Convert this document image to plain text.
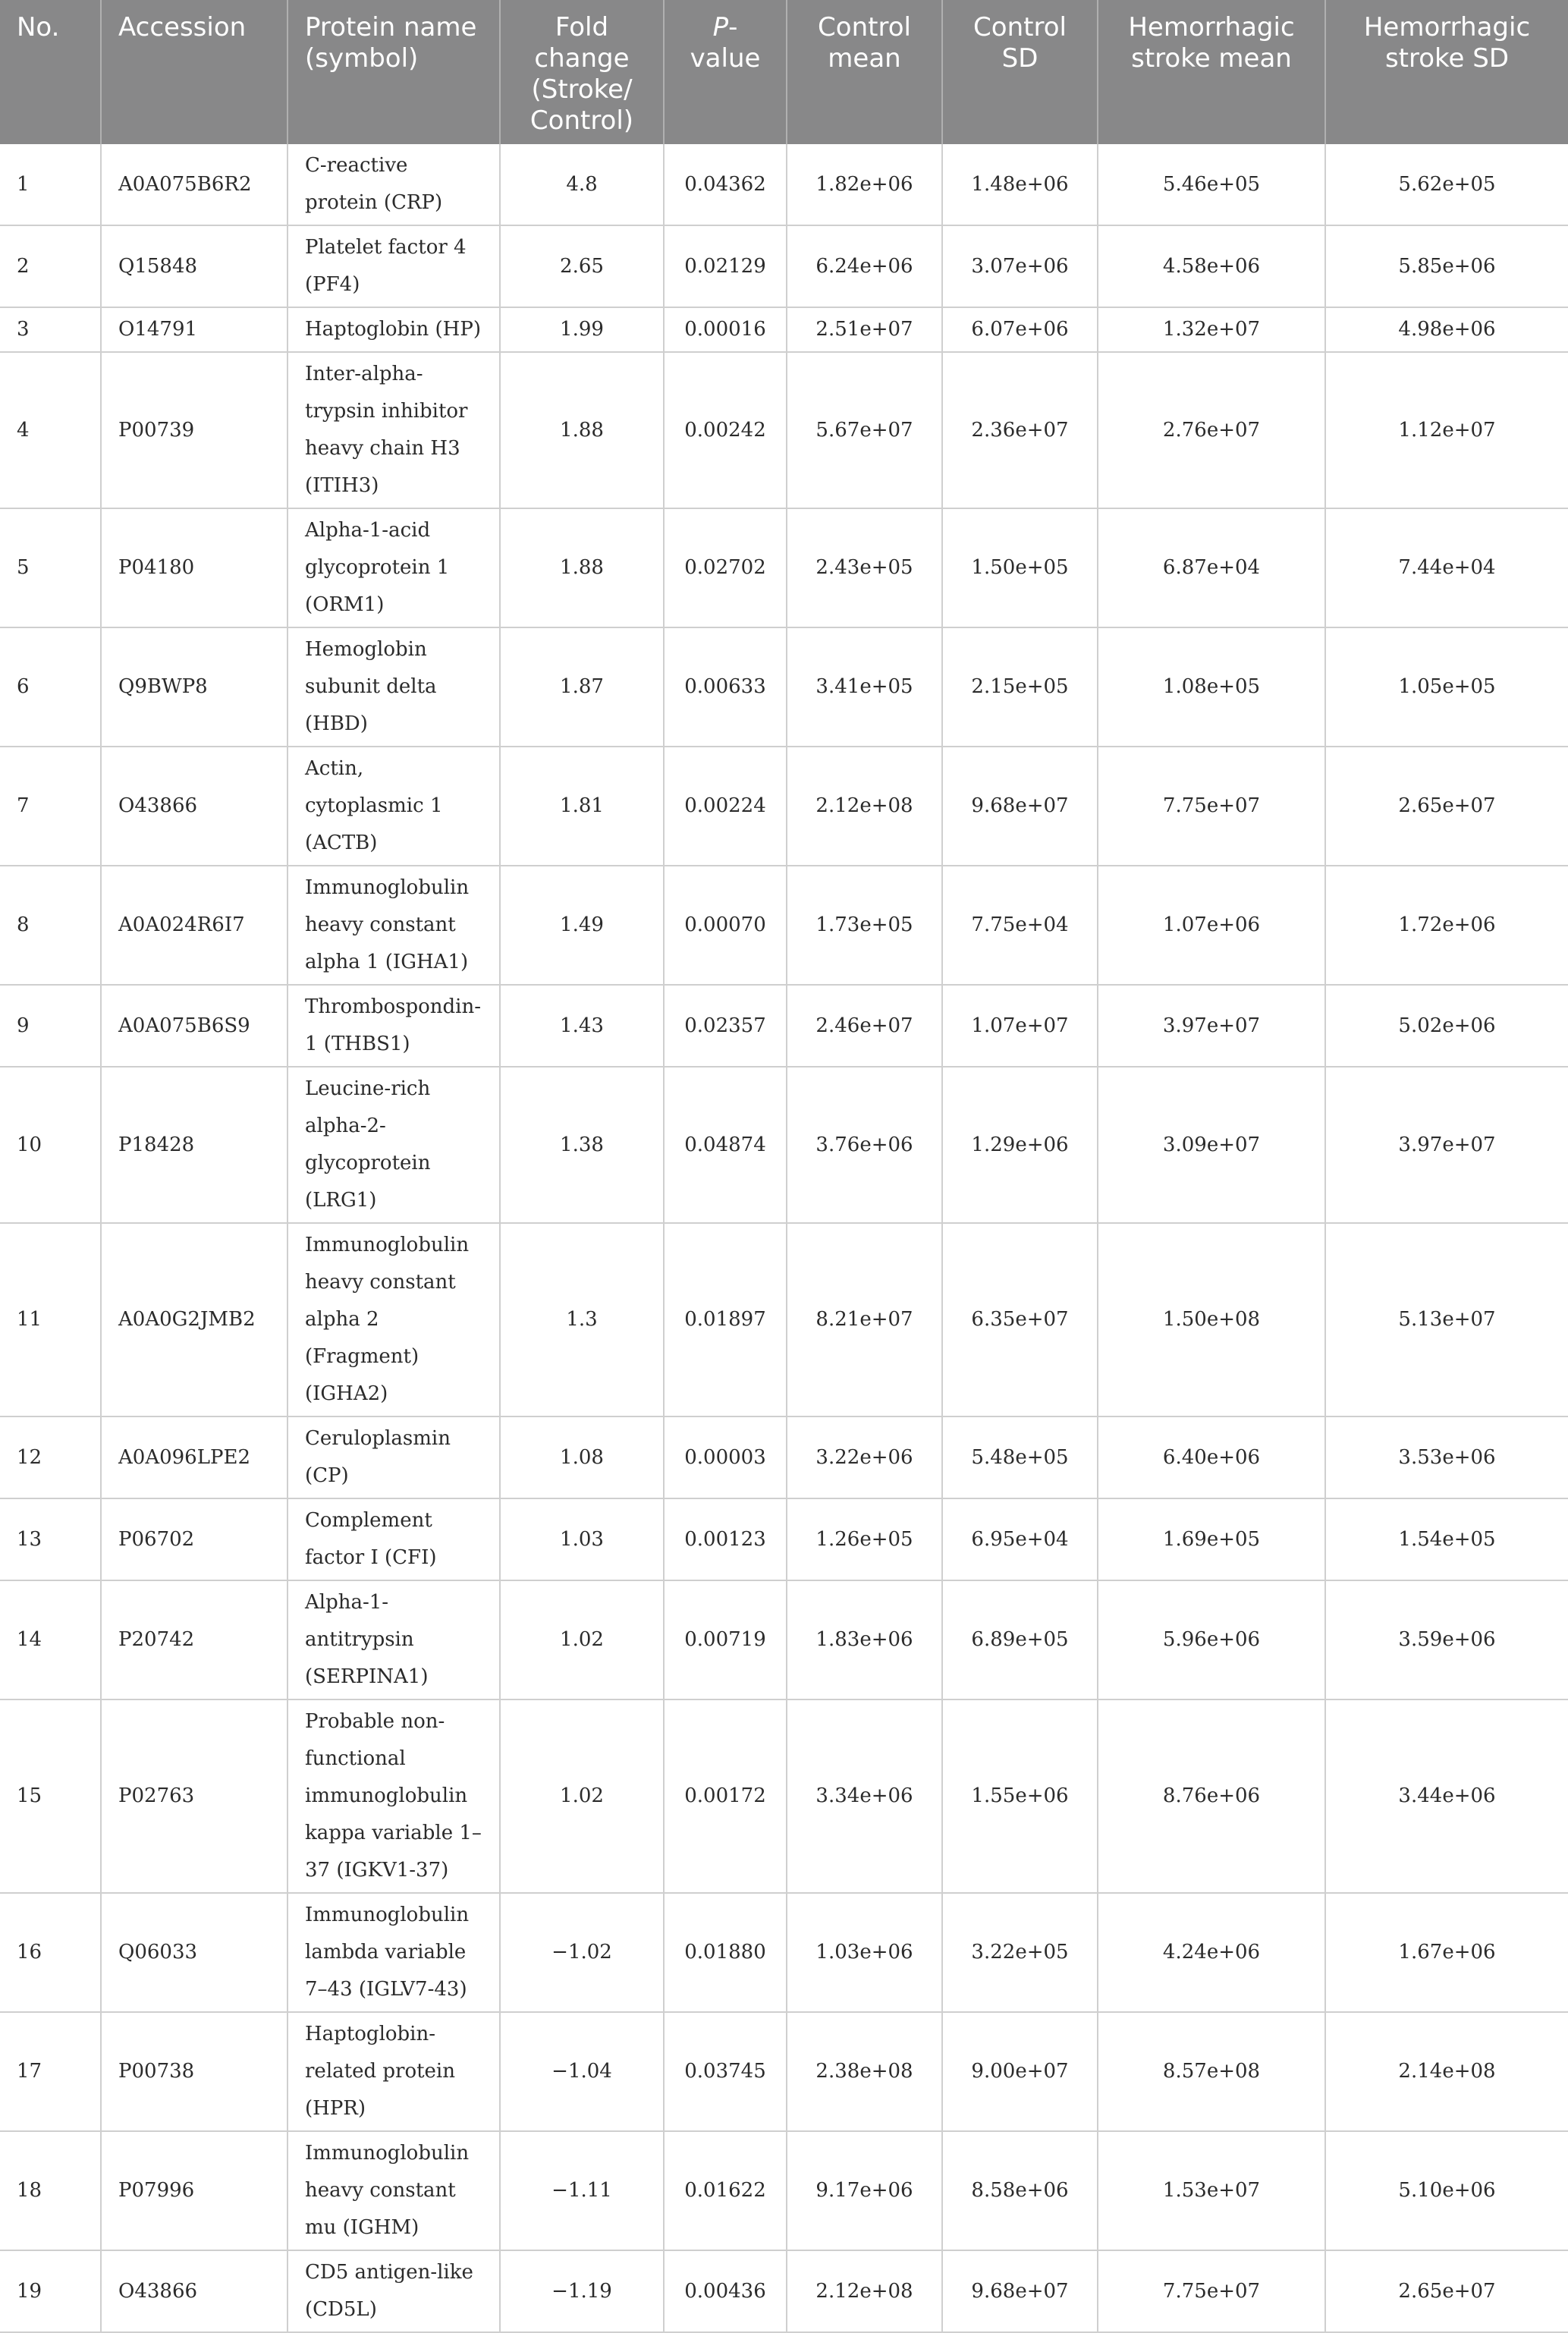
No.	Accession	Protein name (symbol)	Fold change (Stroke/ Control)	P-value	Control mean	Control SD	Hemorrhagic stroke mean	Hemorrhagic stroke SD
1	A0A075B6R2	C-reactive protein (CRP)	4.8	0.04362	1.82e+06	1.48e+06	5.46e+05	5.62e+05
2	Q15848	Platelet factor 4 (PF4)	2.65	0.02129	6.24e+06	3.07e+06	4.58e+06	5.85e+06
3	O14791	Haptoglobin (HP)	1.99	0.00016	2.51e+07	6.07e+06	1.32e+07	4.98e+06
4	P00739	Inter-alpha-trypsin inhibitor heavy chain H3 (ITIH3)	1.88	0.00242	5.67e+07	2.36e+07	2.76e+07	1.12e+07
5	P04180	Alpha-1-acid glycoprotein 1 (ORM1)	1.88	0.02702	2.43e+05	1.50e+05	6.87e+04	7.44e+04
6	Q9BWP8	Hemoglobin subunit delta (HBD)	1.87	0.00633	3.41e+05	2.15e+05	1.08e+05	1.05e+05
7	O43866	Actin, cytoplasmic 1 (ACTB)	1.81	0.00224	2.12e+08	9.68e+07	7.75e+07	2.65e+07
8	A0A024R6I7	Immunoglobulin heavy constant alpha 1 (IGHA1)	1.49	0.00070	1.73e+05	7.75e+04	1.07e+06	1.72e+06
9	A0A075B6S9	Thrombospondin-1 (THBS1)	1.43	0.02357	2.46e+07	1.07e+07	3.97e+07	5.02e+06
10	P18428	Leucine-rich alpha-2-glycoprotein (LRG1)	1.38	0.04874	3.76e+06	1.29e+06	3.09e+07	3.97e+07
11	A0A0G2JMB2	Immunoglobulin heavy constant alpha 2 (Fragment) (IGHA2)	1.3	0.01897	8.21e+07	6.35e+07	1.50e+08	5.13e+07
12	A0A096LPE2	Ceruloplasmin (CP)	1.08	0.00003	3.22e+06	5.48e+05	6.40e+06	3.53e+06
13	P06702	Complement factor I (CFI)	1.03	0.00123	1.26e+05	6.95e+04	1.69e+05	1.54e+05
14	P20742	Alpha-1-antitrypsin (SERPINA1)	1.02	0.00719	1.83e+06	6.89e+05	5.96e+06	3.59e+06
15	P02763	Probable non-functional immunoglobulin kappa variable 1–37 (IGKV1-37)	1.02	0.00172	3.34e+06	1.55e+06	8.76e+06	3.44e+06
16	Q06033	Immunoglobulin lambda variable 7–43 (IGLV7-43)	−1.02	0.01880	1.03e+06	3.22e+05	4.24e+06	1.67e+06
17	P00738	Haptoglobin-related protein (HPR)	−1.04	0.03745	2.38e+08	9.00e+07	8.57e+08	2.14e+08
18	P07996	Immunoglobulin heavy constant mu (IGHM)	−1.11	0.01622	9.17e+06	8.58e+06	1.53e+07	5.10e+06
19	O43866	CD5 antigen-like (CD5L)	−1.19	0.00436	2.12e+08	9.68e+07	7.75e+07	2.65e+07
